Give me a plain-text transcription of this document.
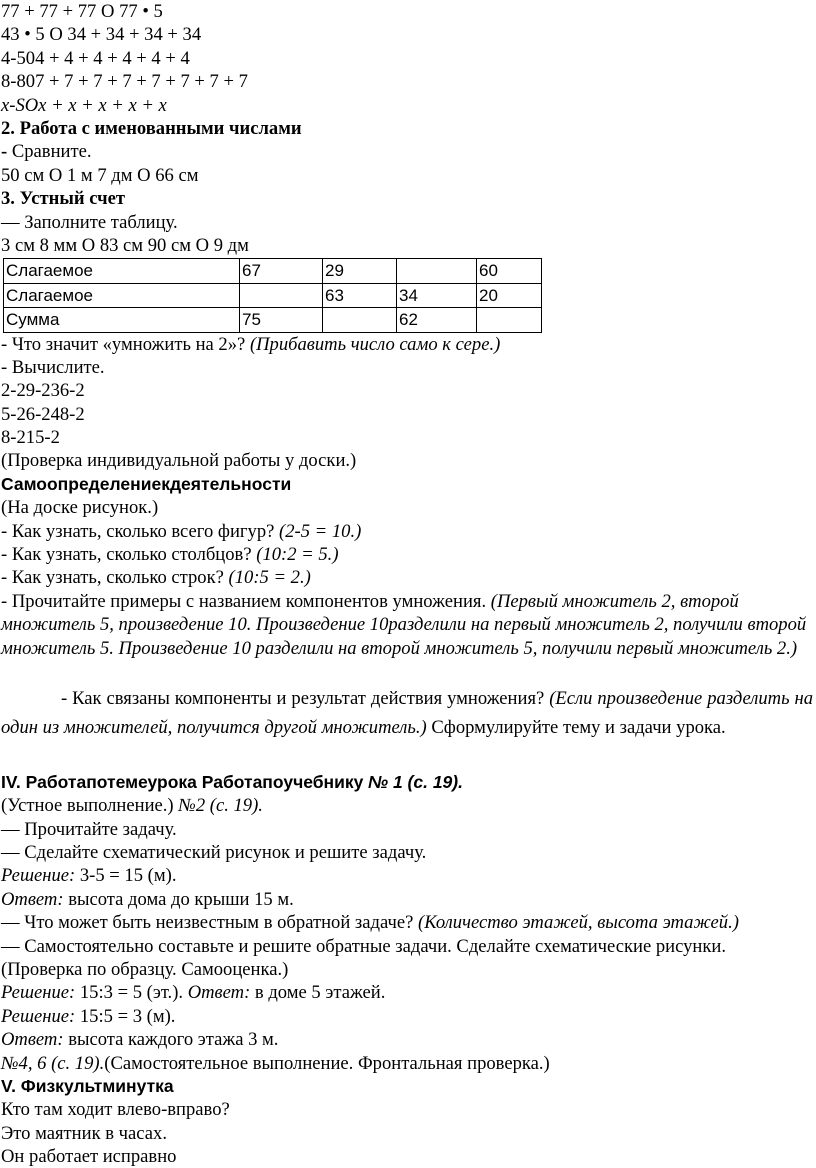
77 + 77 + 77 О 77 • 5
43 • 5 О 34 + 34 + 34 + 34
4-504 + 4 + 4 + 4 + 4 + 4
8-807 + 7 + 7 + 7 + 7 + 7 + 7 + 7
x-SOx + x + x + x + x
2. Работа с именованными числами
- Сравните.
50 см О 1 м 7 дм О 66 см
3. Устный счет
— Заполните таблицу.
3 см 8 мм О 83 см 90 см О 9 дм
Слагаемое	67	29		60
Слагаемое		63	34	20
Сумма	75		62	
- Что значит «умножить на 2»? (Прибавить число само к сере.)
- Вычислите.
2-29-236-2
5-26-248-2
8-215-2
(Проверка индивидуальной работы у доски.)
Самоопределениекдеятельности
(На доске рисунок.)
- Как узнать, сколько всего фигур? (2-5 = 10.)
- Как узнать, сколько столбцов? (10:2 = 5.)
- Как узнать, сколько строк? (10:5 = 2.)

- Прочитайте примеры с названием компонентов умножения. (Первый множитель 2, второй множитель 5, произведение 10. Произведение 10разделили на первый множитель 2, получили второй множитель 5. Произведение 10 разделили на второй множитель 5, получили первый множитель 2.)

- Как связаны компоненты и результат действия умножения? (Если произведение разделить на один из множителей, получится другой множитель.) Сформулируйте тему и задачи урока.

IV. Работапотемеурока Работапоучебнику № 1 (с. 19).
(Устное выполнение.) №2 (с. 19).
— Прочитайте задачу.
— Сделайте схематический рисунок и решите задачу.
Решение: 3-5 = 15 (м).
Ответ: высота дома до крыши 15 м.
— Что может быть неизвестным в обратной задаче? (Количество этажей, высота этажей.)
— Самостоятельно составьте и решите обратные задачи. Сделайте схематические рисунки.
(Проверка по образцу. Самооценка.)
Решение: 15:3 = 5 (эт.). Ответ: в доме 5 этажей.
Решение: 15:5 = 3 (м).
Ответ: высота каждого этажа 3 м.
№4, 6 (с. 19).(Самостоятельное выполнение. Фронтальная проверка.)
V. Физкультминутка
Кто там ходит влево-вправо?
Это маятник в часах.
Он работает исправно
